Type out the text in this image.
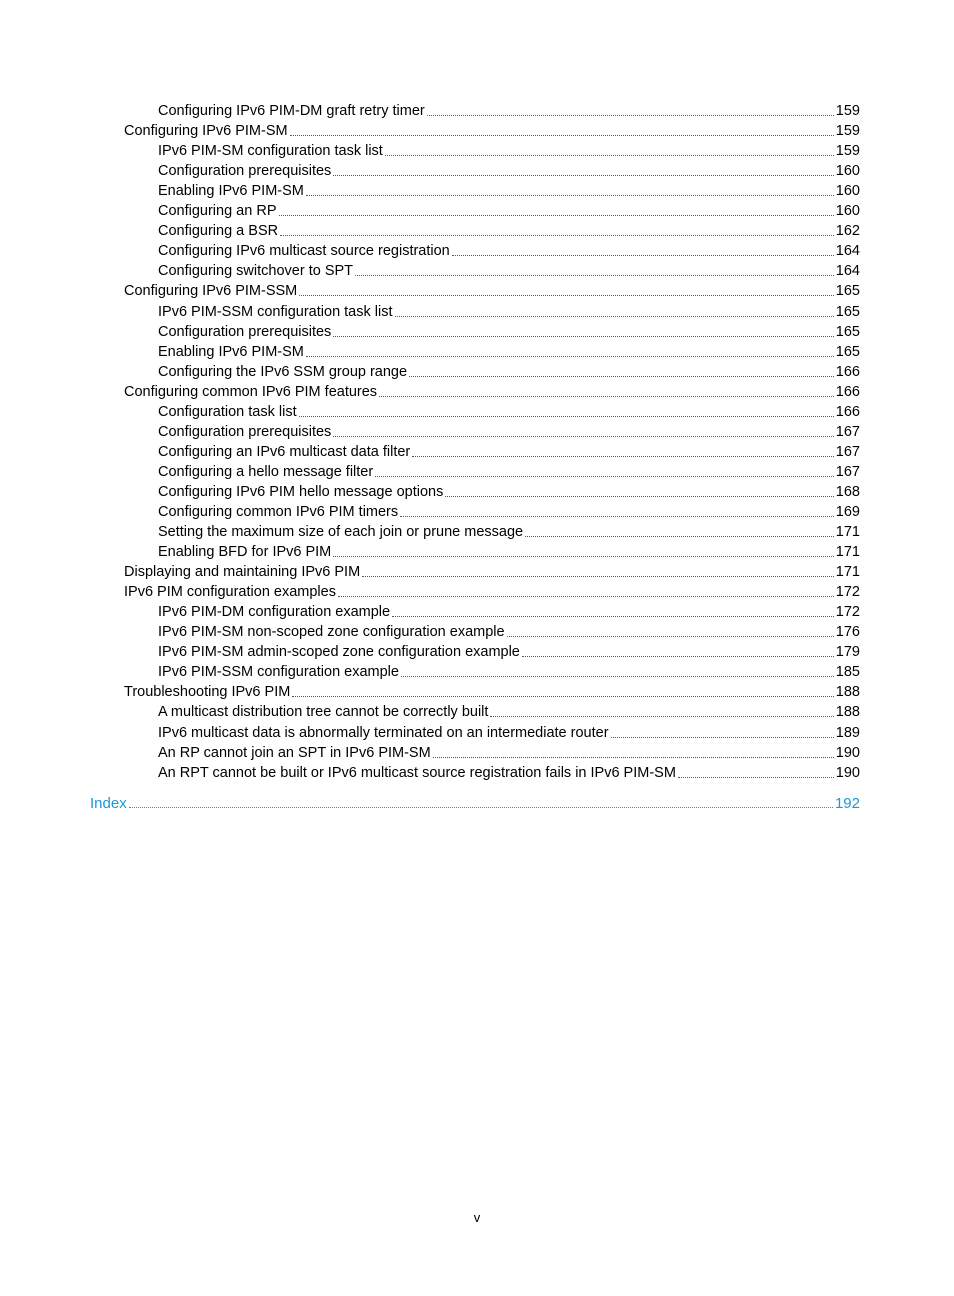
Configuring IPv6 PIM-DM graft retry timer	159
Configuring IPv6 PIM-SM	159
IPv6 PIM-SM configuration task list	159
Configuration prerequisites	160
Enabling IPv6 PIM-SM	160
Configuring an RP	160
Configuring a BSR	162
Configuring IPv6 multicast source registration	164
Configuring switchover to SPT	164
Configuring IPv6 PIM-SSM	165
IPv6 PIM-SSM configuration task list	165
Configuration prerequisites	165
Enabling IPv6 PIM-SM	165
Configuring the IPv6 SSM group range	166
Configuring common IPv6 PIM features	166
Configuration task list	166
Configuration prerequisites	167
Configuring an IPv6 multicast data filter	167
Configuring a hello message filter	167
Configuring IPv6 PIM hello message options	168
Configuring common IPv6 PIM timers	169
Setting the maximum size of each join or prune message	171
Enabling BFD for IPv6 PIM	171
Displaying and maintaining IPv6 PIM	171
IPv6 PIM configuration examples	172
IPv6 PIM-DM configuration example	172
IPv6 PIM-SM non-scoped zone configuration example	176
IPv6 PIM-SM admin-scoped zone configuration example	179
IPv6 PIM-SSM configuration example	185
Troubleshooting IPv6 PIM	188
A multicast distribution tree cannot be correctly built	188
IPv6 multicast data is abnormally terminated on an intermediate router	189
An RP cannot join an SPT in IPv6 PIM-SM	190
An RPT cannot be built or IPv6 multicast source registration fails in IPv6 PIM-SM	190
Index	192
v
